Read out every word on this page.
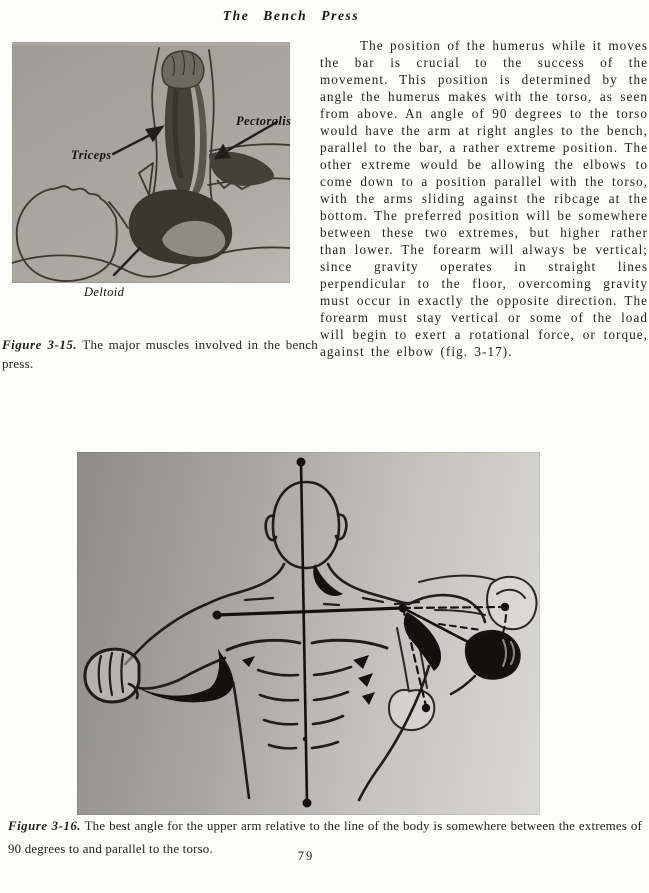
The Bench Press
Pectoralis
Triceps
Deltoid
Figure 3-15. The major muscles involved in the bench press.
The position of the humerus while it moves the bar is crucial to the success of the movement. This position is determined by the angle the humerus makes with the torso, as seen from above. An angle of 90 degrees to the torso would have the arm at right angles to the bench, parallel to the bar, a rather extreme position. The other extreme would be allowing the elbows to come down to a position parallel with the torso, with the arms sliding against the ribcage at the bottom. The preferred position will be somewhere between these two extremes, but higher rather than lower. The forearm will always be vertical; since gravity operates in straight lines perpendicular to the floor, overcoming gravity must occur in exactly the opposite direction. The forearm must stay vertical or some of the load will begin to exert a rotational force, or torque, against the elbow (fig. 3-17).
Figure 3-16. The best angle for the upper arm relative to the line of the body is somewhere between the extremes of 90 degrees to and parallel to the torso.
79
